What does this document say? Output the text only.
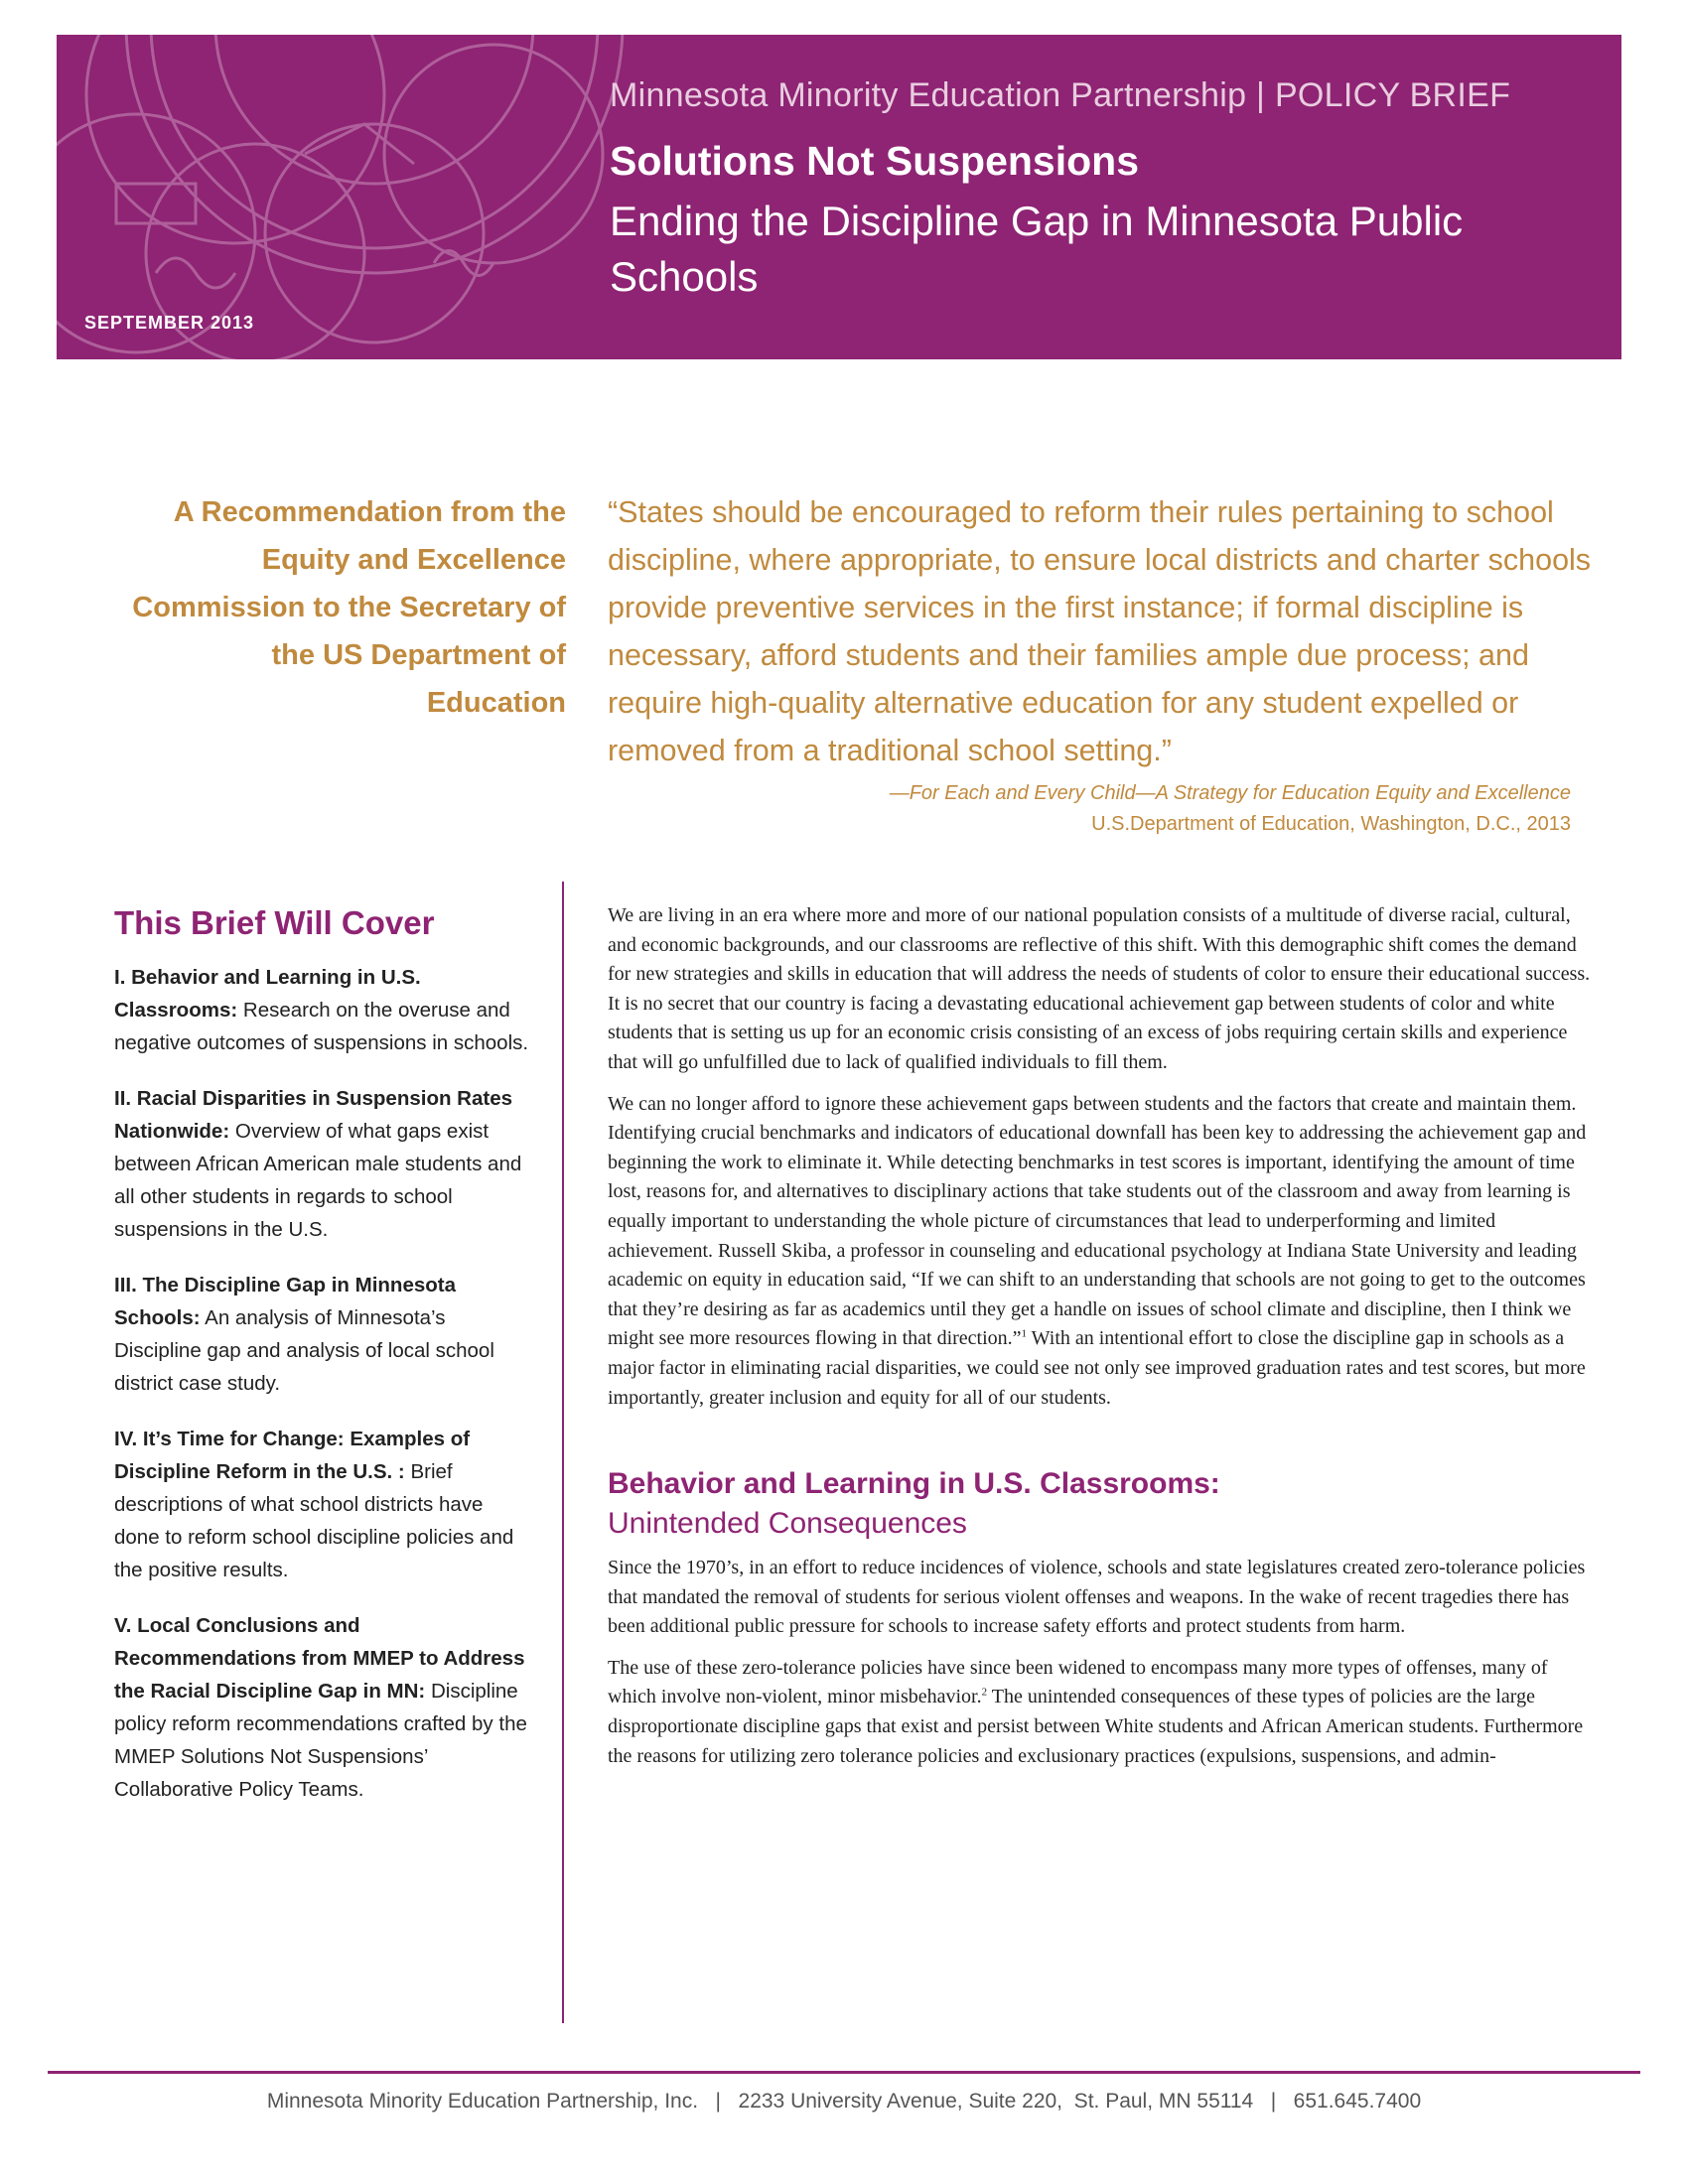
Minnesota Minority Education Partnership | POLICY BRIEF
Solutions Not Suspensions
Ending the Discipline Gap in Minnesota Public Schools
SEPTEMBER 2013
A Recommendation from the Equity and Excellence Commission to the Secretary of the US Department of Education
“States should be encouraged to reform their rules pertaining to school discipline, where appropriate, to ensure local districts and charter schools provide preventive services in the first instance; if formal discipline is necessary, afford students and their families ample due process; and require high-quality alternative education for any student expelled or removed from a traditional school setting.”
—For Each and Every Child—A Strategy for Education Equity and Excellence
U.S.Department of Education, Washington, D.C., 2013
This Brief Will Cover
I. Behavior and Learning in U.S. Classrooms: Research on the overuse and negative outcomes of suspensions in schools.
II. Racial Disparities in Suspension Rates Nationwide: Overview of what gaps exist between African American male students and all other students in regards to school suspensions in the U.S.
III. The Discipline Gap in Minnesota Schools: An analysis of Minnesota’s Discipline gap and analysis of local school district case study.
IV. It’s Time for Change: Examples of Discipline Reform in the U.S. : Brief descriptions of what school districts have done to reform school discipline policies and the positive results.
V. Local Conclusions and Recommendations from MMEP to Address the Racial Discipline Gap in MN: Discipline policy reform recommendations crafted by the MMEP Solutions Not Suspensions’ Collaborative Policy Teams.

We are living in an era where more and more of our national population consists of a multitude of diverse racial, cultural, and economic backgrounds, and our classrooms are reflective of this shift. With this demographic shift comes the demand for new strategies and skills in education that will address the needs of students of color to ensure their educational success. It is no secret that our country is facing a devastating educational achievement gap between students of color and white students that is setting us up for an economic crisis consisting of an excess of jobs requiring certain skills and experience that will go unfulfilled due to lack of qualified individuals to fill them.

We can no longer afford to ignore these achievement gaps between students and the factors that create and maintain them. Identifying crucial benchmarks and indicators of educational downfall has been key to addressing the achievement gap and beginning the work to eliminate it. While detecting benchmarks in test scores is important, identifying the amount of time lost, reasons for, and alternatives to disciplinary actions that take students out of the classroom and away from learning is equally important to understanding the whole picture of circumstances that lead to underperforming and limited achievement. Russell Skiba, a professor in counseling and educational psychology at Indiana State University and leading academic on equity in education said, “If we can shift to an understanding that schools are not going to get to the outcomes that they’re desiring as far as academics until they get a handle on issues of school climate and discipline, then I think we might see more resources flowing in that direction.”$^1$ With an intentional effort to close the discipline gap in schools as a major factor in eliminating racial disparities, we could see not only see improved graduation rates and test scores, but more importantly, greater inclusion and equity for all of our students.

Behavior and Learning in U.S. Classrooms:
Unintended Consequences

Since the 1970’s, in an effort to reduce incidences of violence, schools and state legislatures created zero-tolerance policies that mandated the removal of students for serious violent offenses and weapons. In the wake of recent tragedies there has been additional public pressure for schools to increase safety efforts and protect students from harm.

The use of these zero-tolerance policies have since been widened to encompass many more types of offenses, many of which involve non-violent, minor misbehavior.$^2$ The unintended consequences of these types of policies are the large disproportionate discipline gaps that exist and persist between White students and African American students. Furthermore the reasons for utilizing zero tolerance policies and exclusionary practices (expulsions, suspensions, and admin-

Minnesota Minority Education Partnership, Inc.   |   2233 University Avenue, Suite 220,  St. Paul, MN 55114   |   651.645.7400
